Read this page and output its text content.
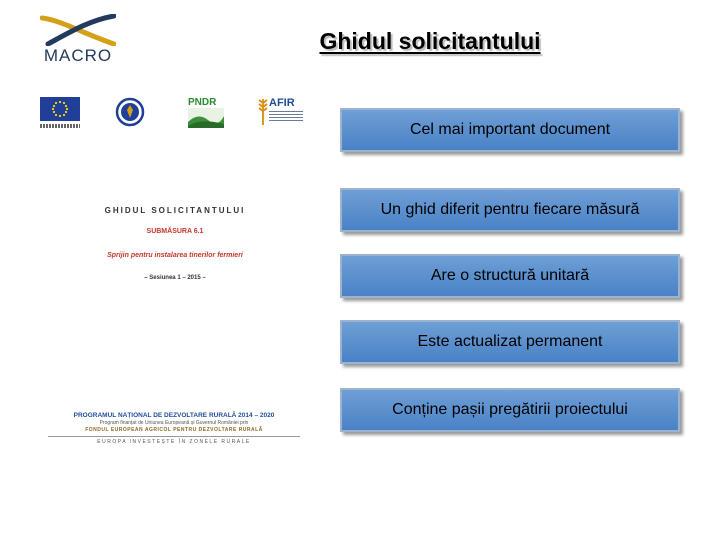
MACRO
Ghidul solicitantului
PNDR	AFIR
GHIDUL SOLICITANTULUI
SUBMĂSURA 6.1
Sprijin pentru instalarea tinerilor fermieri
– Sesiunea 1 – 2015 –
PROGRAMUL NAȚIONAL DE DEZVOLTARE RURALĂ 2014 – 2020
Program finanțat de Uniunea Europeană și Guvernul României prin
FONDUL EUROPEAN AGRICOL PENTRU DEZVOLTARE RURALĂ
EUROPA INVESTEȘTE ÎN ZONELE RURALE
Cel mai important document
Un ghid diferit pentru fiecare măsură
Are o structură unitară
Este actualizat permanent
Conține pașii pregătirii proiectului
